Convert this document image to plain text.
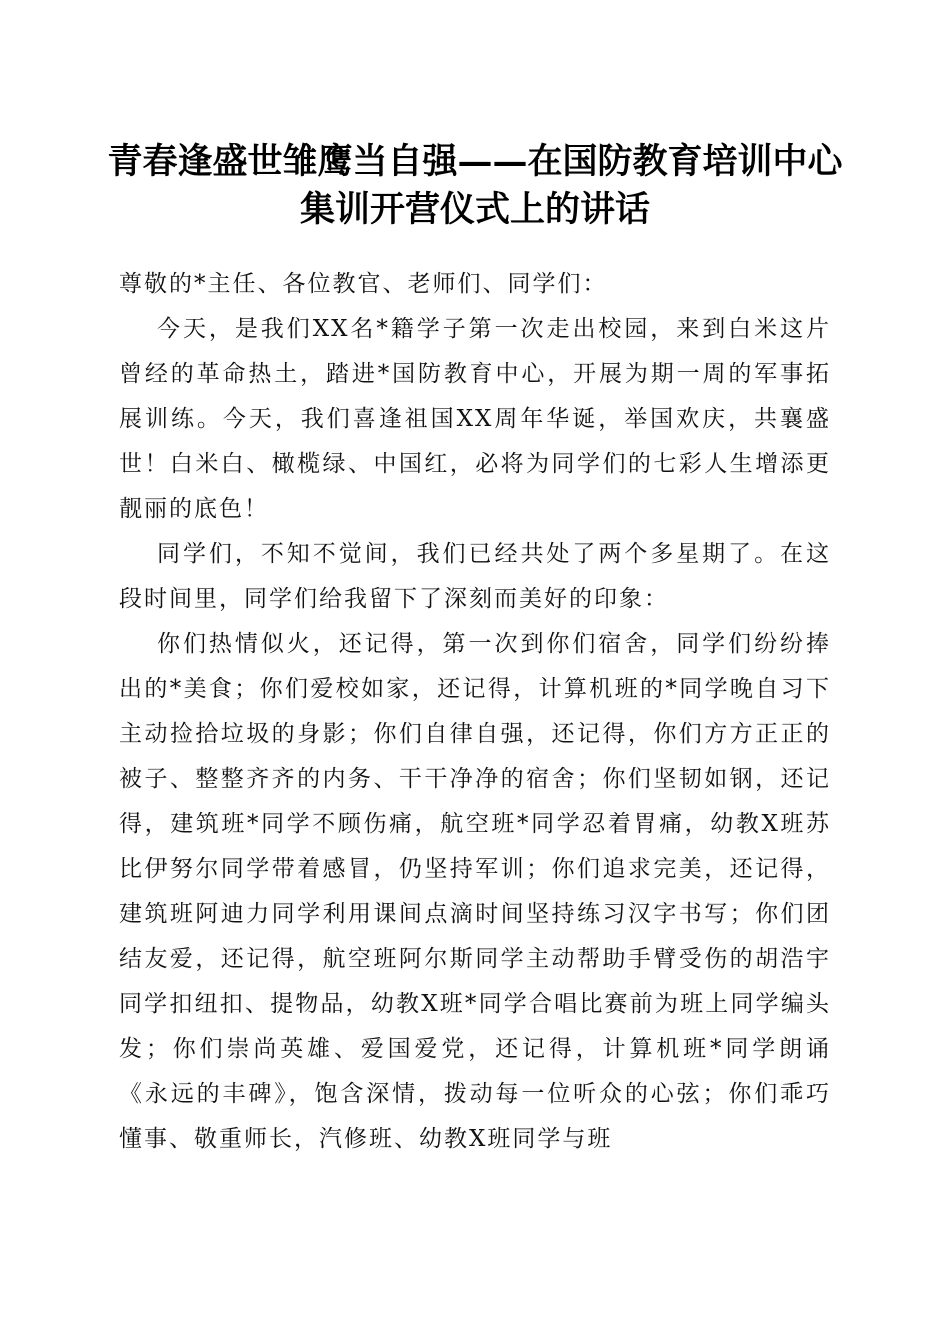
青春逢盛世雏鹰当自强——在国防教育培训中心集训开营仪式上的讲话

尊敬的*主任、各位教官、老师们、同学们：

今天，是我们XX名*籍学子第一次走出校园，来到白米这片曾经的革命热土，踏进*国防教育中心，开展为期一周的军事拓展训练。今天，我们喜逢祖国XX周年华诞，举国欢庆，共襄盛世！白米白、橄榄绿、中国红，必将为同学们的七彩人生增添更靓丽的底色！

同学们，不知不觉间，我们已经共处了两个多星期了。在这段时间里，同学们给我留下了深刻而美好的印象：

你们热情似火，还记得，第一次到你们宿舍，同学们纷纷捧出的*美食；你们爱校如家，还记得，计算机班的*同学晚自习下主动捡拾垃圾的身影；你们自律自强，还记得，你们方方正正的被子、整整齐齐的内务、干干净净的宿舍；你们坚韧如钢，还记得，建筑班*同学不顾伤痛，航空班*同学忍着胃痛，幼教X班苏比伊努尔同学带着感冒，仍坚持军训；你们追求完美，还记得，建筑班阿迪力同学利用课间点滴时间坚持练习汉字书写；你们团结友爱，还记得，航空班阿尔斯同学主动帮助手臂受伤的胡浩宇同学扣纽扣、提物品，幼教X班*同学合唱比赛前为班上同学编头发；你们崇尚英雄、爱国爱党，还记得，计算机班*同学朗诵《永远的丰碑》，饱含深情，拨动每一位听众的心弦；你们乖巧懂事、敬重师长，汽修班、幼教X班同学与班
